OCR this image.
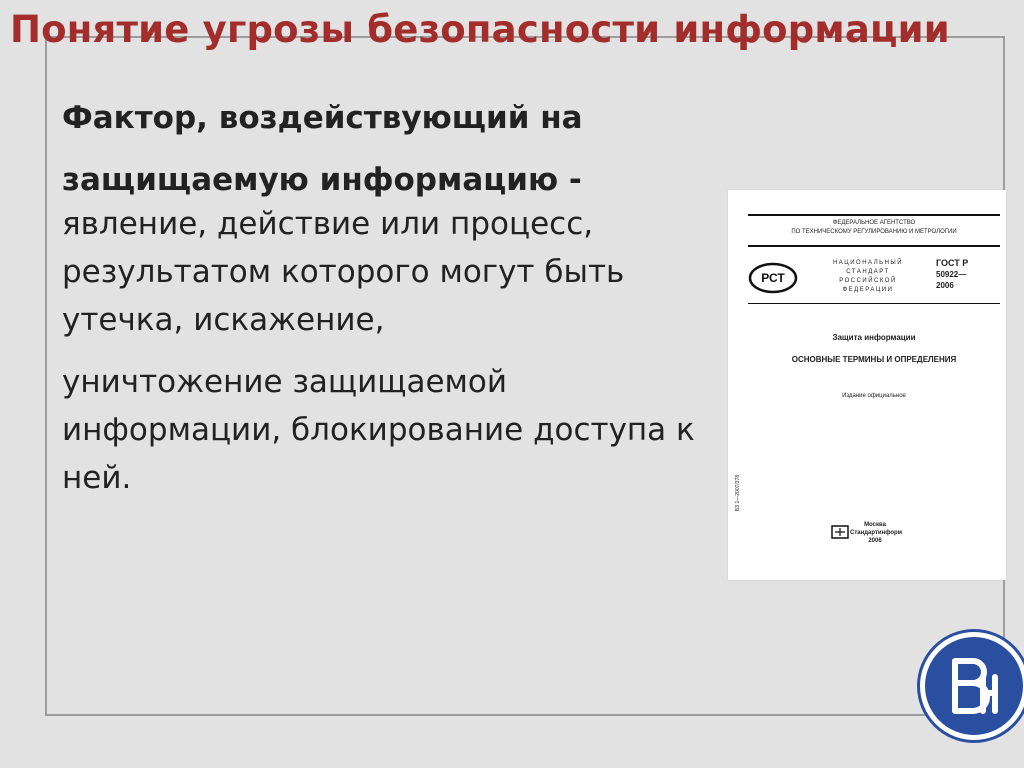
Понятие угрозы безопасности информации

Фактор, воздействующий на

защищаемую информацию -

явление, действие или процесс, результатом которого могут быть утечка, искажение,

уничтожение защищаемой информации, блокирование доступа к ней.

ФЕДЕРАЛЬНОЕ АГЕНТСТВО
ПО ТЕХНИЧЕСКОМУ РЕГУЛИРОВАНИЮ И МЕТРОЛОГИИ
РСТ
НАЦИОНАЛЬНЫЙ
СТАНДАРТ
РОССИЙСКОЙ
ФЕДЕРАЦИИ
ГОСТ Р
50922—
2006
Защита информации
ОСНОВНЫЕ ТЕРМИНЫ И ОПРЕДЕЛЕНИЯ
Издание официальное
БЗ 1—2007/378
Москва
Стандартинформ
2006
